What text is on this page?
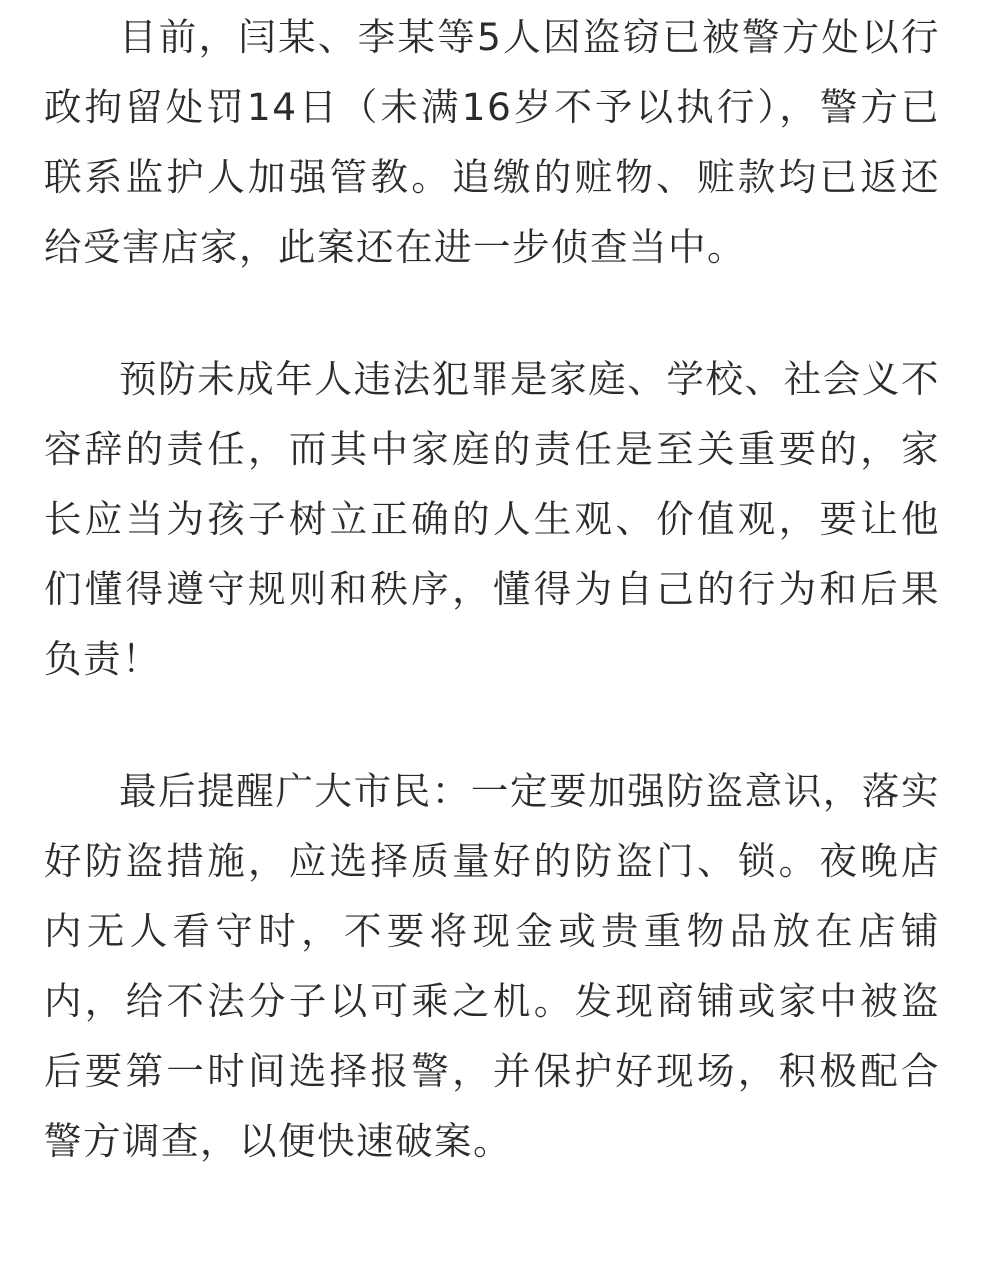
目前，闫某、李某等5人因盗窃已被警方处以行政拘留处罚14日（未满16岁不予以执行），警方已联系监护人加强管教。追缴的赃物、赃款均已返还给受害店家，此案还在进一步侦查当中。

预防未成年人违法犯罪是家庭、学校、社会义不容辞的责任，而其中家庭的责任是至关重要的，家长应当为孩子树立正确的人生观、价值观，要让他们懂得遵守规则和秩序，懂得为自己的行为和后果负责！

最后提醒广大市民：一定要加强防盗意识，落实好防盗措施，应选择质量好的防盗门、锁。夜晚店内无人看守时，不要将现金或贵重物品放在店铺内，给不法分子以可乘之机。发现商铺或家中被盗后要第一时间选择报警，并保护好现场，积极配合警方调查，以便快速破案。
